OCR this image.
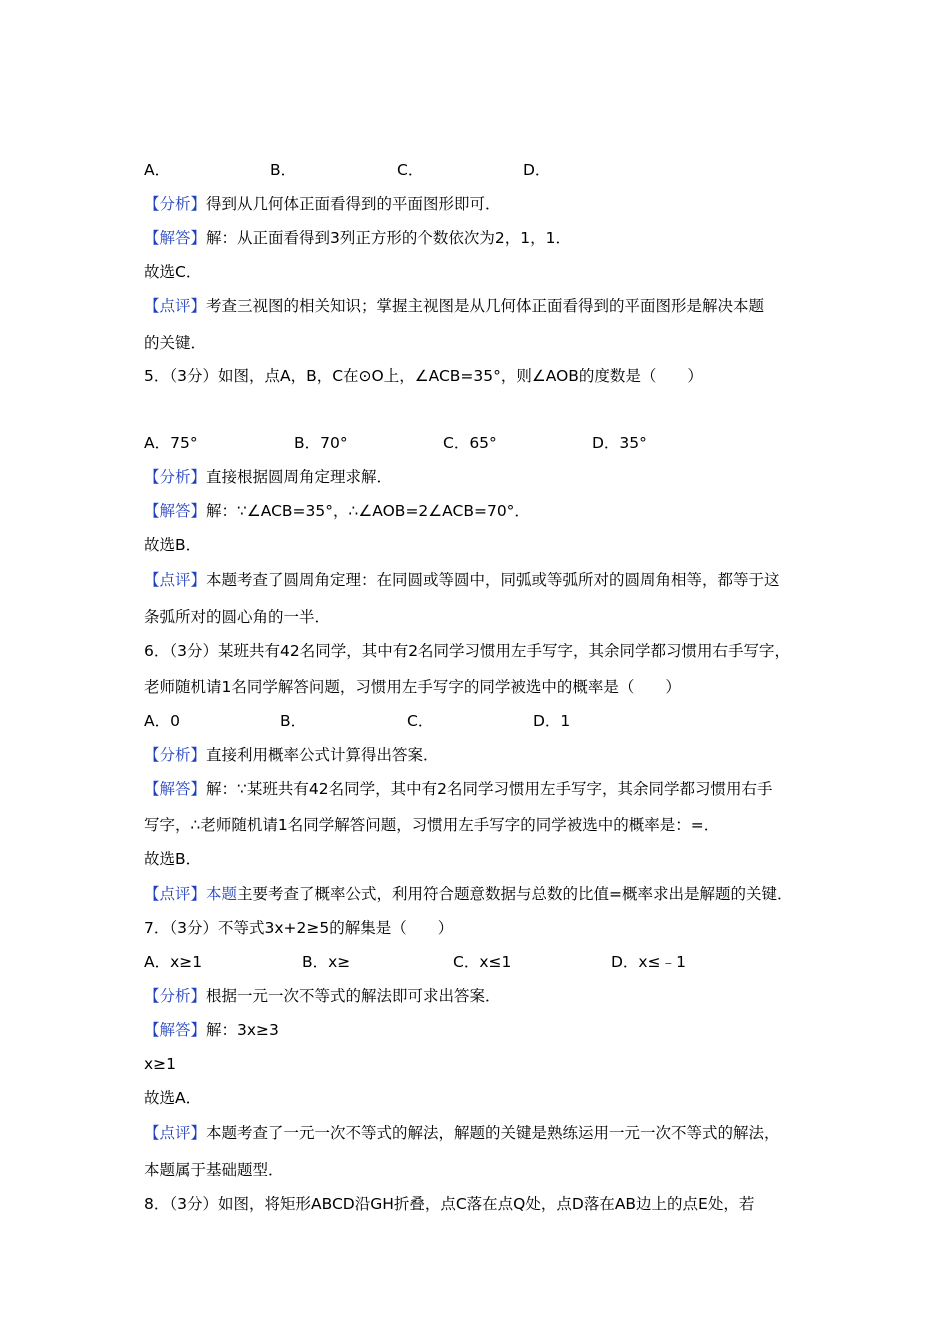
A．	B．	C．	D．
【分析】得到从几何体正面看得到的平面图形即可．
【解答】解：从正面看得到3列正方形的个数依次为2，1，1．
故选C．
【点评】考查三视图的相关知识；掌握主视图是从几何体正面看得到的平面图形是解决本题
的关键．
5．（3分）如图，点A，B，C在⊙O上，∠ACB=35°，则∠AOB的度数是（　　）
A．75°	B．70°	C．65°	D．35°
【分析】直接根据圆周角定理求解．
【解答】解：∵∠ACB=35°，∴∠AOB=2∠ACB=70°．
故选B．
【点评】本题考查了圆周角定理：在同圆或等圆中，同弧或等弧所对的圆周角相等，都等于这
条弧所对的圆心角的一半．
6．（3分）某班共有42名同学，其中有2名同学习惯用左手写字，其余同学都习惯用右手写字，
老师随机请1名同学解答问题，习惯用左手写字的同学被选中的概率是（　　）
A．0	B．	C．	D．1
【分析】直接利用概率公式计算得出答案．
【解答】解：∵某班共有42名同学，其中有2名同学习惯用左手写字，其余同学都习惯用右手
写字，∴老师随机请1名同学解答问题，习惯用左手写字的同学被选中的概率是：=．
故选B．
【点评】本题主要考查了概率公式，利用符合题意数据与总数的比值=概率求出是解题的关键．
7．（3分）不等式3x+2≥5的解集是（　　）
A．x≥1	B．x≥	C．x≤1	D．x≤﹣1
【分析】根据一元一次不等式的解法即可求出答案．
【解答】解：3x≥3
x≥1
故选A．
【点评】本题考查了一元一次不等式的解法，解题的关键是熟练运用一元一次不等式的解法，
本题属于基础题型．
8．（3分）如图，将矩形ABCD沿GH折叠，点C落在点Q处，点D落在AB边上的点E处，若
